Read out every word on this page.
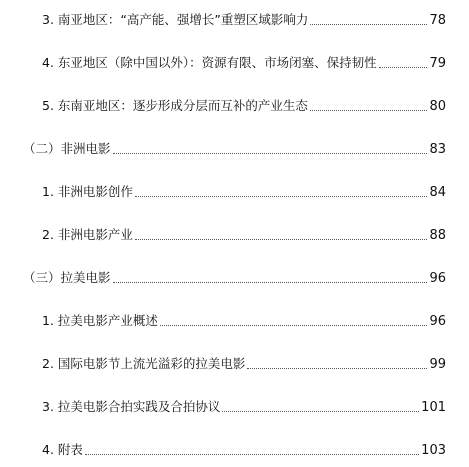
3. 南亚地区：“高产能、强增长”重塑区域影响力	78
4. 东亚地区（除中国以外）：资源有限、市场闭塞、保持韧性	79
5. 东南亚地区：逐步形成分层而互补的产业生态	80
（二）非洲电影	83
1. 非洲电影创作	84
2. 非洲电影产业	88
（三）拉美电影	96
1. 拉美电影产业概述	96
2. 国际电影节上流光溢彩的拉美电影	99
3. 拉美电影合拍实践及合拍协议	101
4. 附表	103
